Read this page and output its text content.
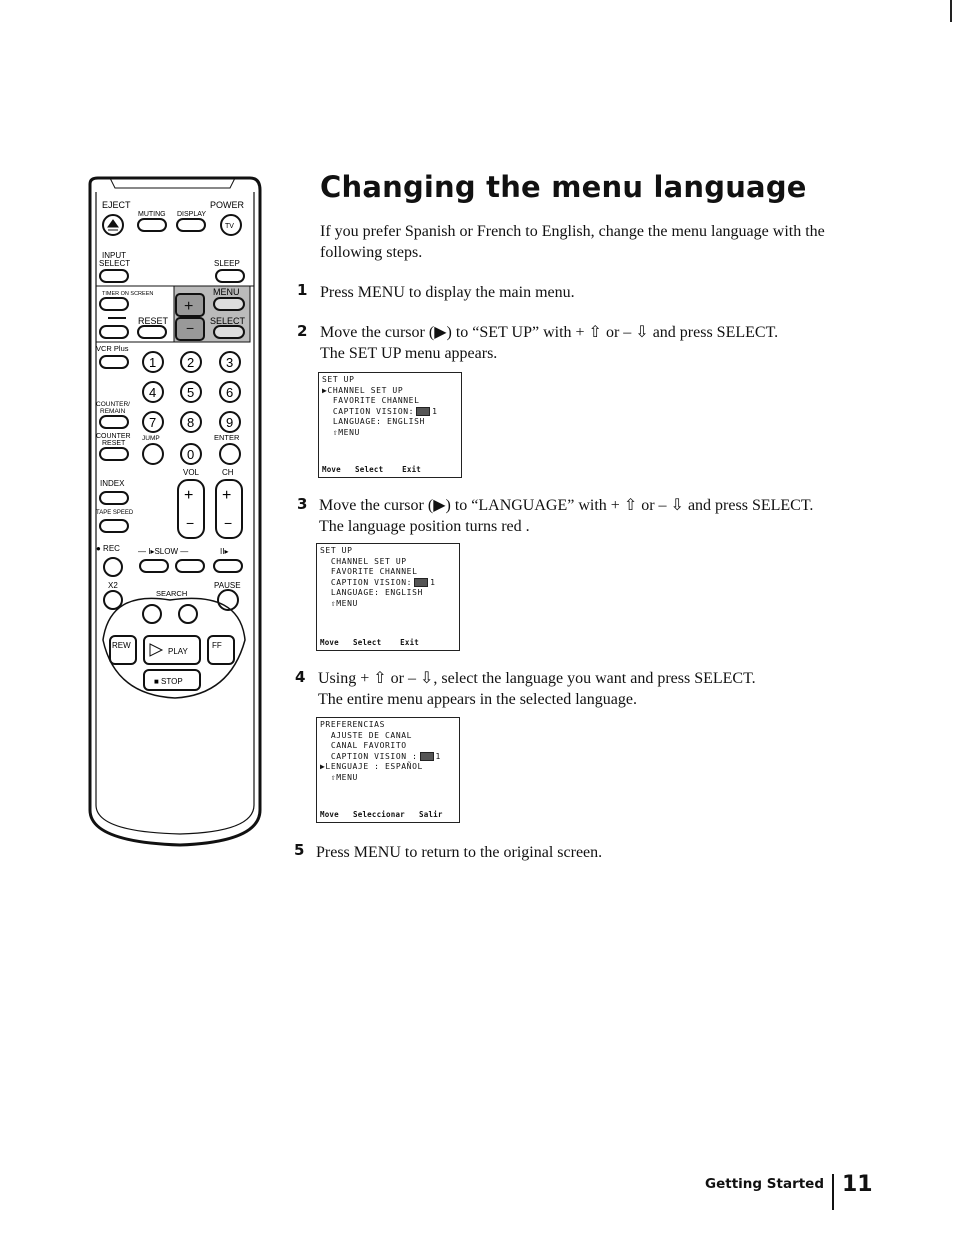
EJECT	POWER
MUTING DISPLAY
TV
INPUT
SELECT	SLEEP
TIMER ON SCREEN	MENU
+
− SELECT
RESET
VCR Plus
1 2 3
4 5 6
COUNTER/
REMAIN
7 8 9
COUNTER
RESET
JUMP	ENTER
0
VOL	CH
INDEX
+
−
+
−
TAPE SPEED
● REC — I▸SLOW —	II▸
X2	PAUSE
SEARCH
REW
PLAY
FF
■ STOP
Changing the menu language
If you prefer Spanish or French to English, change the menu language with the following steps.
1 Press MENU to display the main menu.
2 Move the cursor (▶) to “SET UP” with + ⇧ or – ⇩ and press SELECT.
The SET UP menu appears.
SET UP
▶CHANNEL SET UP
FAVORITE CHANNEL
CAPTION VISION: 1
LANGUAGE: ENGLISH
⇧MENU
Move   Select    Exit
3 Move the cursor (▶) to “LANGUAGE” with + ⇧ or – ⇩ and press SELECT.
The language position turns red .
SET UP
CHANNEL SET UP
FAVORITE CHANNEL
CAPTION VISION: 1
LANGUAGE: ENGLISH
⇧MENU
Move   Select    Exit
4 Using + ⇧ or – ⇩, select the language you want and press SELECT.
The entire menu appears in the selected language.
PREFERENCIAS
AJUSTE DE CANAL
CANAL FAVORITO
CAPTION VISION : 1
▶LENGUAJE : ESPAÑOL
⇧MENU
Move   Seleccionar   Salir
5 Press MENU to return to the original screen.
Getting Started 11
